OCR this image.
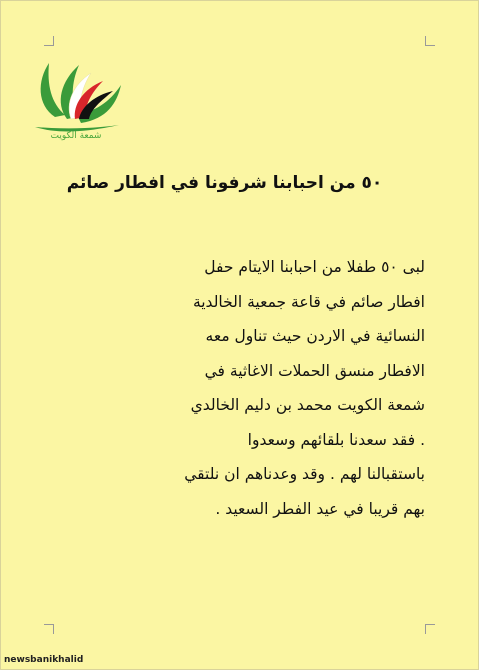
شمعة الكويت
٥٠ من احبابنا شرفونا في افطار صائم
لبى ٥٠ طفلا من احبابنا الايتام حفل
افطار صائم في قاعة جمعية الخالدية
النسائية في الاردن حيث تناول معه
الافطار منسق الحملات الاغاثية في
شمعة الكويت محمد بن دليم الخالدي
. فقد سعدنا بلقائهم وسعدوا
باستقبالنا لهم . وقد وعدناهم ان نلتقي
بهم قريبا في عيد الفطر السعيد .
newsbanikhalid
